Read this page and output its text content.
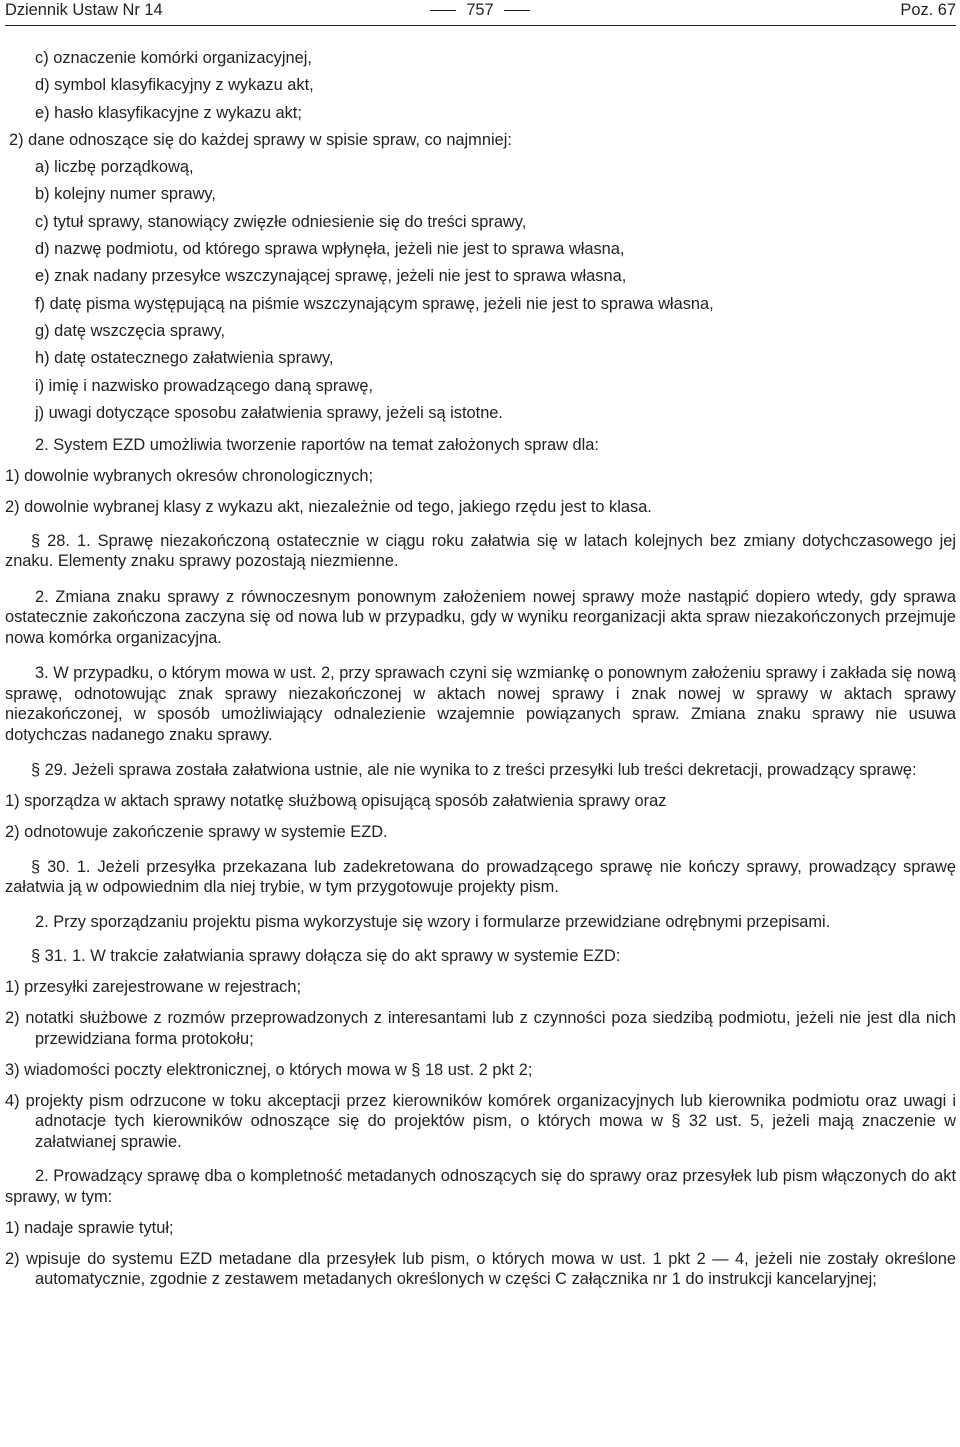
Dziennik Ustaw Nr 14	757	Poz. 67
c) oznaczenie komórki organizacyjnej,
d) symbol klasyfikacyjny z wykazu akt,
e) hasło klasyfikacyjne z wykazu akt;
2) dane odnoszące się do każdej sprawy w spisie spraw, co najmniej:
a) liczbę porządkową,
b) kolejny numer sprawy,
c) tytuł sprawy, stanowiący zwięzłe odniesienie się do treści sprawy,
d) nazwę podmiotu, od którego sprawa wpłynęła, jeżeli nie jest to sprawa własna,
e) znak nadany przesyłce wszczynającej sprawę, jeżeli nie jest to sprawa własna,
f) datę pisma występującą na piśmie wszczynającym sprawę, jeżeli nie jest to sprawa własna,
g) datę wszczęcia sprawy,
h) datę ostatecznego załatwienia sprawy,
i) imię i nazwisko prowadzącego daną sprawę,
j) uwagi dotyczące sposobu załatwienia sprawy, jeżeli są istotne.
2. System EZD umożliwia tworzenie raportów na temat założonych spraw dla:
1) dowolnie wybranych okresów chronologicznych;
2) dowolnie wybranej klasy z wykazu akt, niezależnie od tego, jakiego rzędu jest to klasa.
§ 28. 1. Sprawę niezakończoną ostatecznie w ciągu roku załatwia się w latach kolejnych bez zmiany dotychczasowego jej znaku. Elementy znaku sprawy pozostają niezmienne.
2. Zmiana znaku sprawy z równoczesnym ponownym założeniem nowej sprawy może nastąpić dopiero wtedy, gdy sprawa ostatecznie zakończona zaczyna się od nowa lub w przypadku, gdy w wyniku reorganizacji akta spraw niezakończonych przejmuje nowa komórka organizacyjna.
3. W przypadku, o którym mowa w ust. 2, przy sprawach czyni się wzmiankę o ponownym założeniu sprawy i zakłada się nową sprawę, odnotowując znak sprawy niezakończonej w aktach nowej sprawy i znak nowej w sprawy w aktach sprawy niezakończonej, w sposób umożliwiający odnalezienie wzajemnie powiązanych spraw. Zmiana znaku sprawy nie usuwa dotychczas nadanego znaku sprawy.
§ 29. Jeżeli sprawa została załatwiona ustnie, ale nie wynika to z treści przesyłki lub treści dekretacji, prowadzący sprawę:
1) sporządza w aktach sprawy notatkę służbową opisującą sposób załatwienia sprawy oraz
2) odnotowuje zakończenie sprawy w systemie EZD.
§ 30. 1. Jeżeli przesyłka przekazana lub zadekretowana do prowadzącego sprawę nie kończy sprawy, prowadzący sprawę załatwia ją w odpowiednim dla niej trybie, w tym przygotowuje projekty pism.
2. Przy sporządzaniu projektu pisma wykorzystuje się wzory i formularze przewidziane odrębnymi przepisami.
§ 31. 1. W trakcie załatwiania sprawy dołącza się do akt sprawy w systemie EZD:
1) przesyłki zarejestrowane w rejestrach;
2) notatki służbowe z rozmów przeprowadzonych z interesantami lub z czynności poza siedzibą podmiotu, jeżeli nie jest dla nich przewidziana forma protokołu;
3) wiadomości poczty elektronicznej, o których mowa w § 18 ust. 2 pkt 2;
4) projekty pism odrzucone w toku akceptacji przez kierowników komórek organizacyjnych lub kierownika podmiotu oraz uwagi i adnotacje tych kierowników odnoszące się do projektów pism, o których mowa w § 32 ust. 5, jeżeli mają znaczenie w załatwianej sprawie.
2. Prowadzący sprawę dba o kompletność metadanych odnoszących się do sprawy oraz przesyłek lub pism włączonych do akt sprawy, w tym:
1) nadaje sprawie tytuł;
2) wpisuje do systemu EZD metadane dla przesyłek lub pism, o których mowa w ust. 1 pkt 2 — 4, jeżeli nie zostały określone automatycznie, zgodnie z zestawem metadanych określonych w części C załącznika nr 1 do instrukcji kancelaryjnej;
